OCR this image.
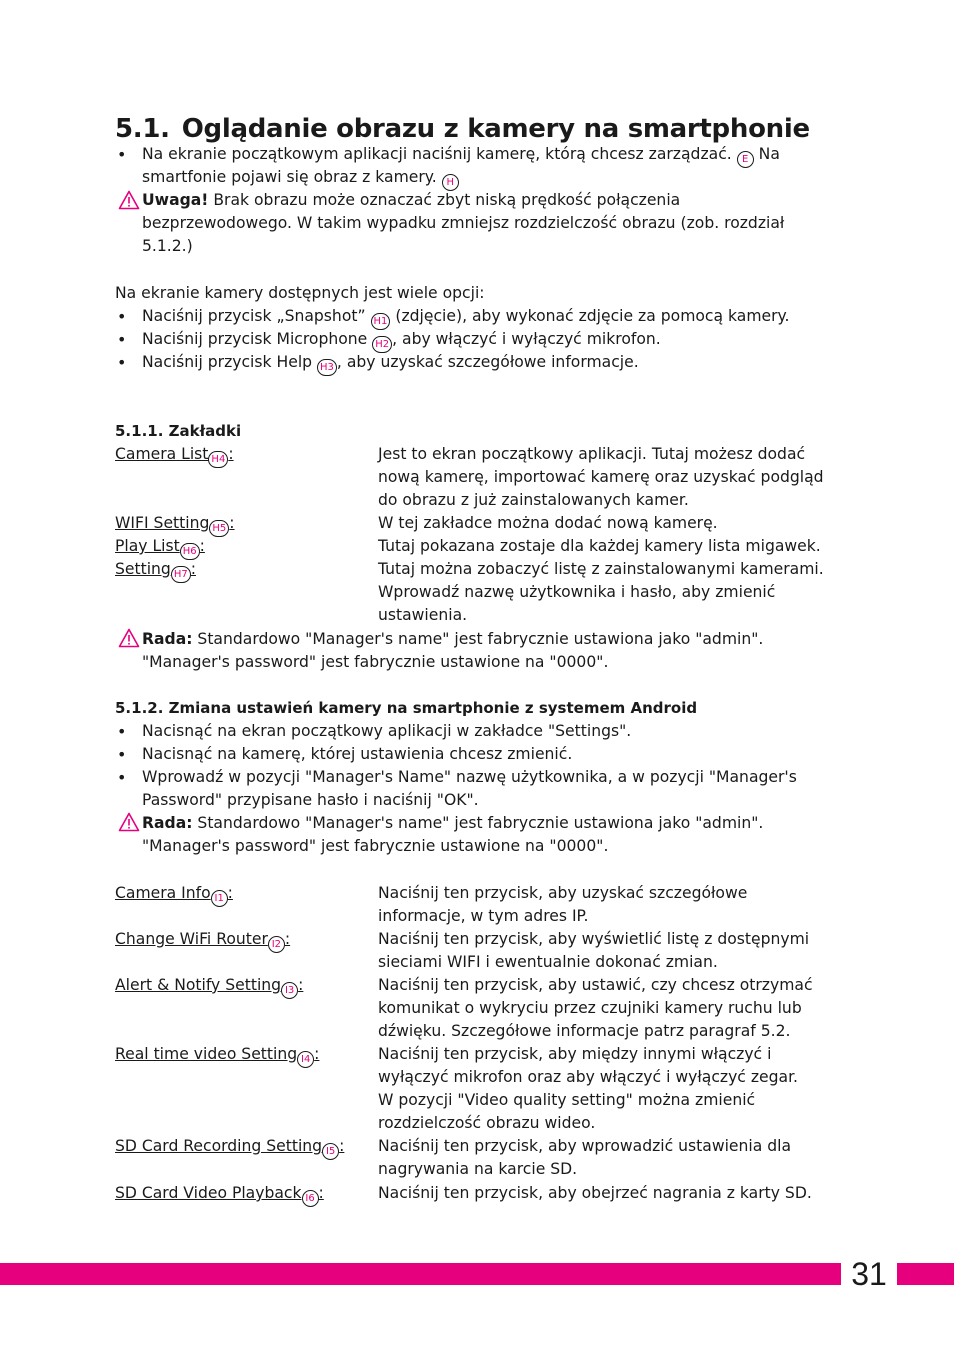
5.1. Oglądanie obrazu z kamery na smartphonie
• Na ekranie początkowym aplikacji naciśnij kamerę, którą chcesz zarządzać. E Na
smartfonie pojawi się obraz z kamery. H
Uwaga! Brak obrazu może oznaczać zbyt niską prędkość połączenia
bezprzewodowego. W takim wypadku zmniejsz rozdzielczość obrazu (zob. rozdział
5.1.2.)
Na ekranie kamery dostępnych jest wiele opcji:
• Naciśnij przycisk „Snapshot” H1 (zdjęcie), aby wykonać zdjęcie za pomocą kamery.
• Naciśnij przycisk Microphone H2 , aby włączyć i wyłączyć mikrofon.
• Naciśnij przycisk Help H3 , aby uzyskać szczegółowe informacje.
5.1.1. Zakładki
Camera List H4 :	Jest to ekran początkowy aplikacji. Tutaj możesz dodać
nową kamerę, importować kamerę oraz uzyskać podgląd
do obrazu z już zainstalowanych kamer.
WIFI Setting H5 :	W tej zakładce można dodać nową kamerę.
Play List H6 :	Tutaj pokazana zostaje dla każdej kamery lista migawek.
Setting H7 :	Tutaj można zobaczyć listę z zainstalowanymi kamerami.
Wprowadź nazwę użytkownika i hasło, aby zmienić
ustawienia.
Rada: Standardowo "Manager's name" jest fabrycznie ustawiona jako "admin".
"Manager's password" jest fabrycznie ustawione na "0000".
5.1.2. Zmiana ustawień kamery na smartphonie z systemem Android
• Nacisnąć na ekran początkowy aplikacji w zakładce "Settings".
• Nacisnąć na kamerę, której ustawienia chcesz zmienić.
• Wprowadź w pozycji "Manager's Name" nazwę użytkownika, a w pozycji "Manager's
Password" przypisane hasło i naciśnij "OK".
Rada: Standardowo "Manager's name" jest fabrycznie ustawiona jako "admin".
"Manager's password" jest fabrycznie ustawione na "0000".
Camera Info I1 :	Naciśnij ten przycisk, aby uzyskać szczegółowe
informacje, w tym adres IP.
Change WiFi Router I2 :	Naciśnij ten przycisk, aby wyświetlić listę z dostępnymi
sieciami WIFI i ewentualnie dokonać zmian.
Alert & Notify Setting I3 :	Naciśnij ten przycisk, aby ustawić, czy chcesz otrzymać
komunikat o wykryciu przez czujniki kamery ruchu lub
dźwięku. Szczegółowe informacje patrz paragraf 5.2.
Real time video Setting I4 :	Naciśnij ten przycisk, aby między innymi włączyć i
wyłączyć mikrofon oraz aby włączyć i wyłączyć zegar.
W pozycji "Video quality setting" można zmienić
rozdzielczość obrazu wideo.
SD Card Recording Setting I5 : Naciśnij ten przycisk, aby wprowadzić ustawienia dla
nagrywania na karcie SD.
SD Card Video Playback I6 :	Naciśnij ten przycisk, aby obejrzeć nagrania z karty SD.
31
